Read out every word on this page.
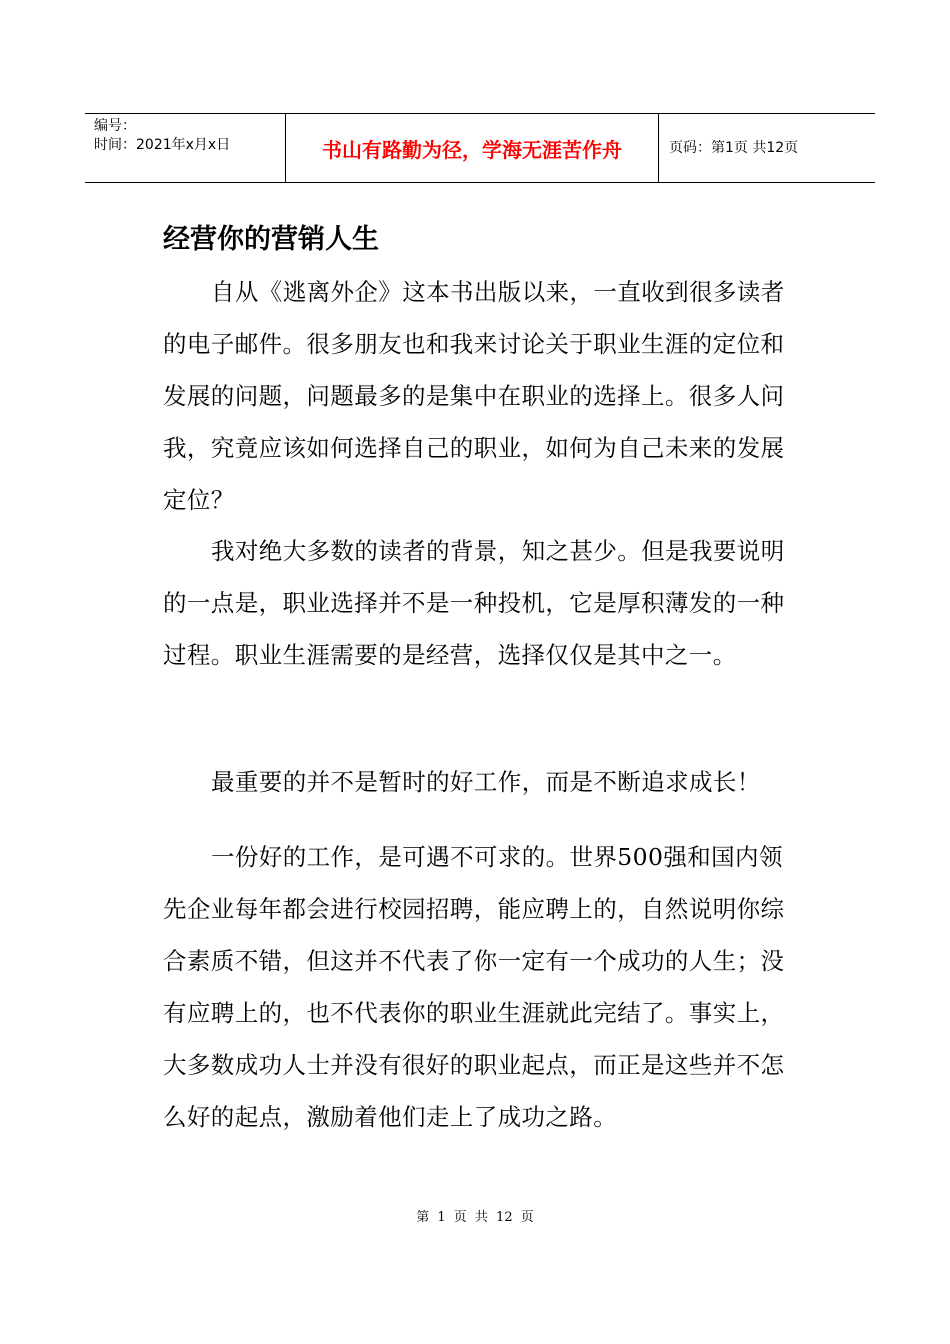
编号：
时间：2021年x月x日	书山有路勤为径，学海无涯苦作舟	页码：第1页 共12页
经营你的营销人生

自从《逃离外企》这本书出版以来，一直收到很多读者的电子邮件。很多朋友也和我来讨论关于职业生涯的定位和发展的问题，问题最多的是集中在职业的选择上。很多人问我，究竟应该如何选择自己的职业，如何为自己未来的发展定位？

我对绝大多数的读者的背景，知之甚少。但是我要说明的一点是，职业选择并不是一种投机，它是厚积薄发的一种过程。职业生涯需要的是经营，选择仅仅是其中之一。

最重要的并不是暂时的好工作，而是不断追求成长！

一份好的工作，是可遇不可求的。世界500强和国内领先企业每年都会进行校园招聘，能应聘上的，自然说明你综合素质不错，但这并不代表了你一定有一个成功的人生；没有应聘上的，也不代表你的职业生涯就此完结了。事实上，大多数成功人士并没有很好的职业起点，而正是这些并不怎么好的起点，激励着他们走上了成功之路。

第 1 页 共 12 页
